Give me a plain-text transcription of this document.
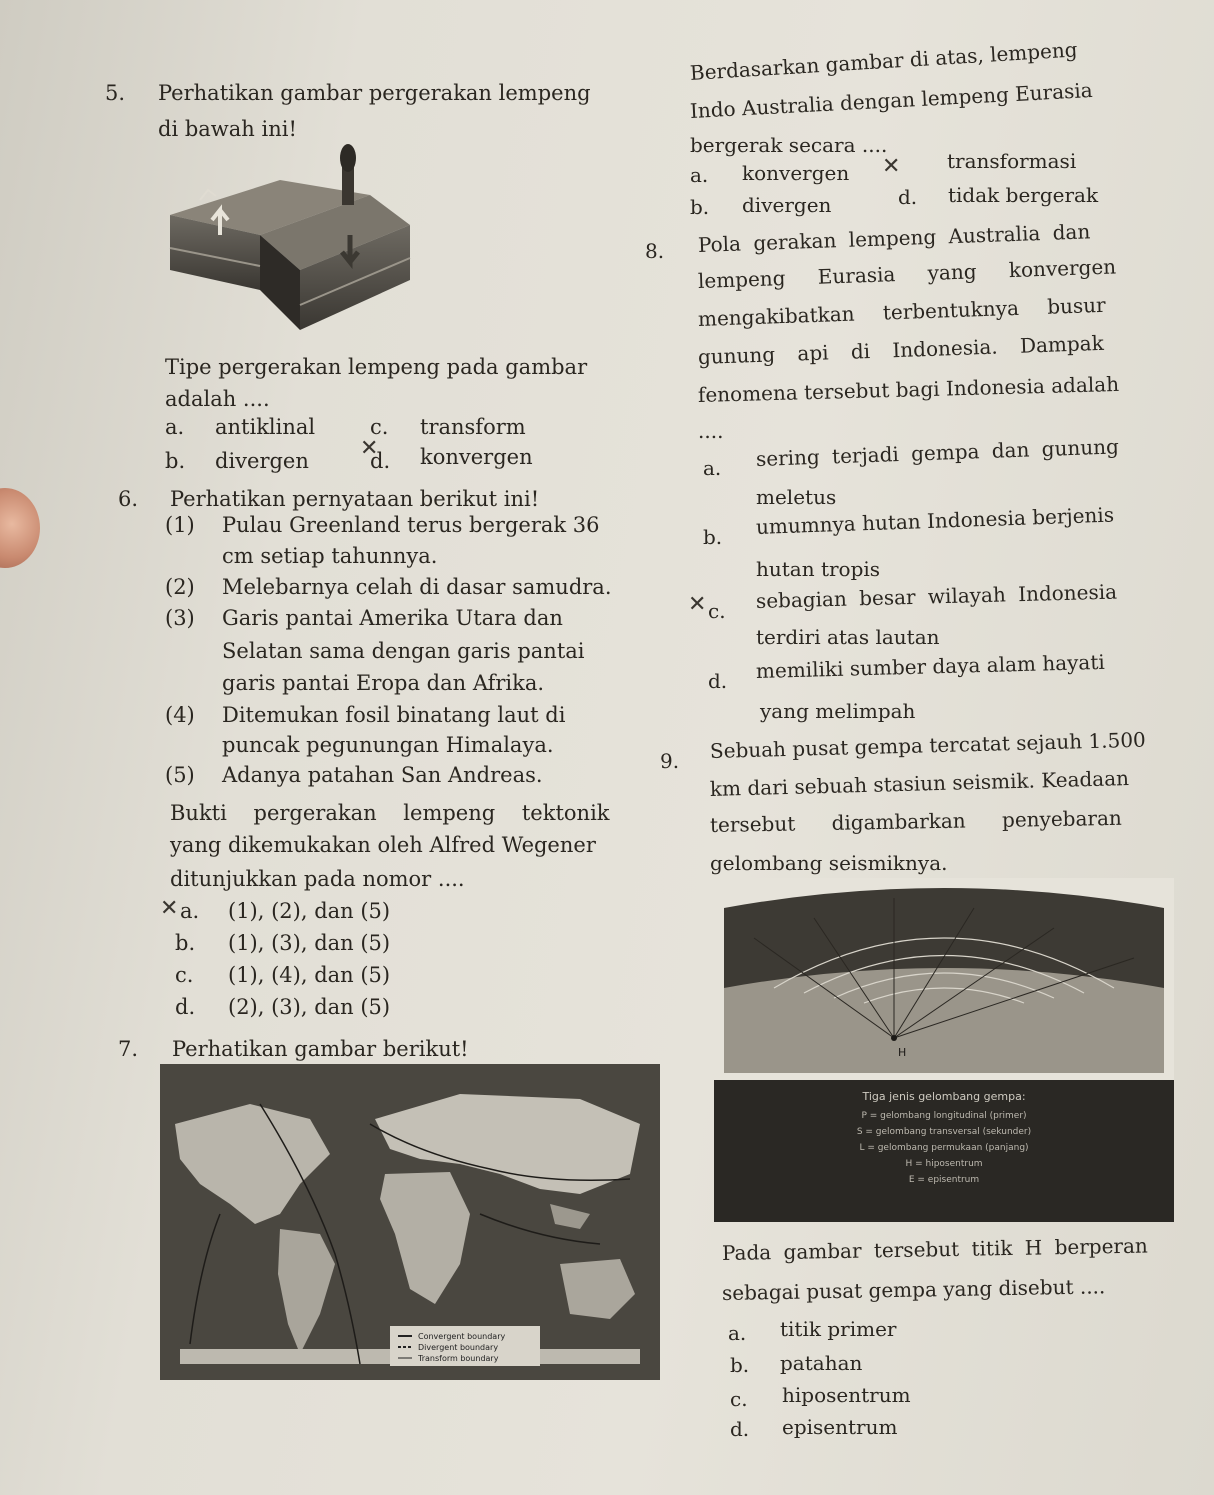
5. Perhatikan gambar pergerakan lempeng
di bawah ini!
Tipe pergerakan lempeng pada gambar
adalah ....
a. antiklinal	c. transform
b. divergen	d. konvergen
✕
6. Perhatikan pernyataan berikut ini!
(1) Pulau Greenland terus bergerak 36
cm setiap tahunnya.
(2) Melebarnya celah di dasar samudra.
(3) Garis pantai Amerika Utara dan
Selatan sama dengan garis pantai
garis pantai Eropa dan Afrika.
(4) Ditemukan fosil binatang laut di
puncak pegunungan Himalaya.
(5) Adanya patahan San Andreas.
Bukti pergerakan lempeng tektonik
yang dikemukakan oleh Alfred Wegener
ditunjukkan pada nomor ....
✕ a. (1), (2), dan (5)
b. (1), (3), dan (5)
c. (1), (4), dan (5)
d. (2), (3), dan (5)
7. Perhatikan gambar berikut!
Convergent boundary
Divergent boundary
Transform boundary
Berdasarkan gambar di atas, lempeng
Indo Australia dengan lempeng Eurasia
bergerak secara ....
a. konvergen ✕ transformasi
b. divergen	d. tidak bergerak
8. Pola gerakan lempeng Australia dan
lempeng Eurasia yang konvergen
mengakibatkan terbentuknya busur
gunung api di Indonesia. Dampak
fenomena tersebut bagi Indonesia adalah
....
a. sering terjadi gempa dan gunung
meletus
b. umumnya hutan Indonesia berjenis
hutan tropis
✕ c. sebagian besar wilayah Indonesia
terdiri atas lautan
d. memiliki sumber daya alam hayati
yang melimpah
9. Sebuah pusat gempa tercatat sejauh 1.500
km dari sebuah stasiun seismik. Keadaan
tersebut digambarkan penyebaran
gelombang seismiknya.
H
Tiga jenis gelombang gempa:
P = gelombang longitudinal (primer)
S = gelombang transversal (sekunder)
L = gelombang permukaan (panjang)
H = hiposentrum
E = episentrum
Pada gambar tersebut titik H berperan
sebagai pusat gempa yang disebut ....
a. titik primer
b. patahan
c. hiposentrum
d. episentrum
